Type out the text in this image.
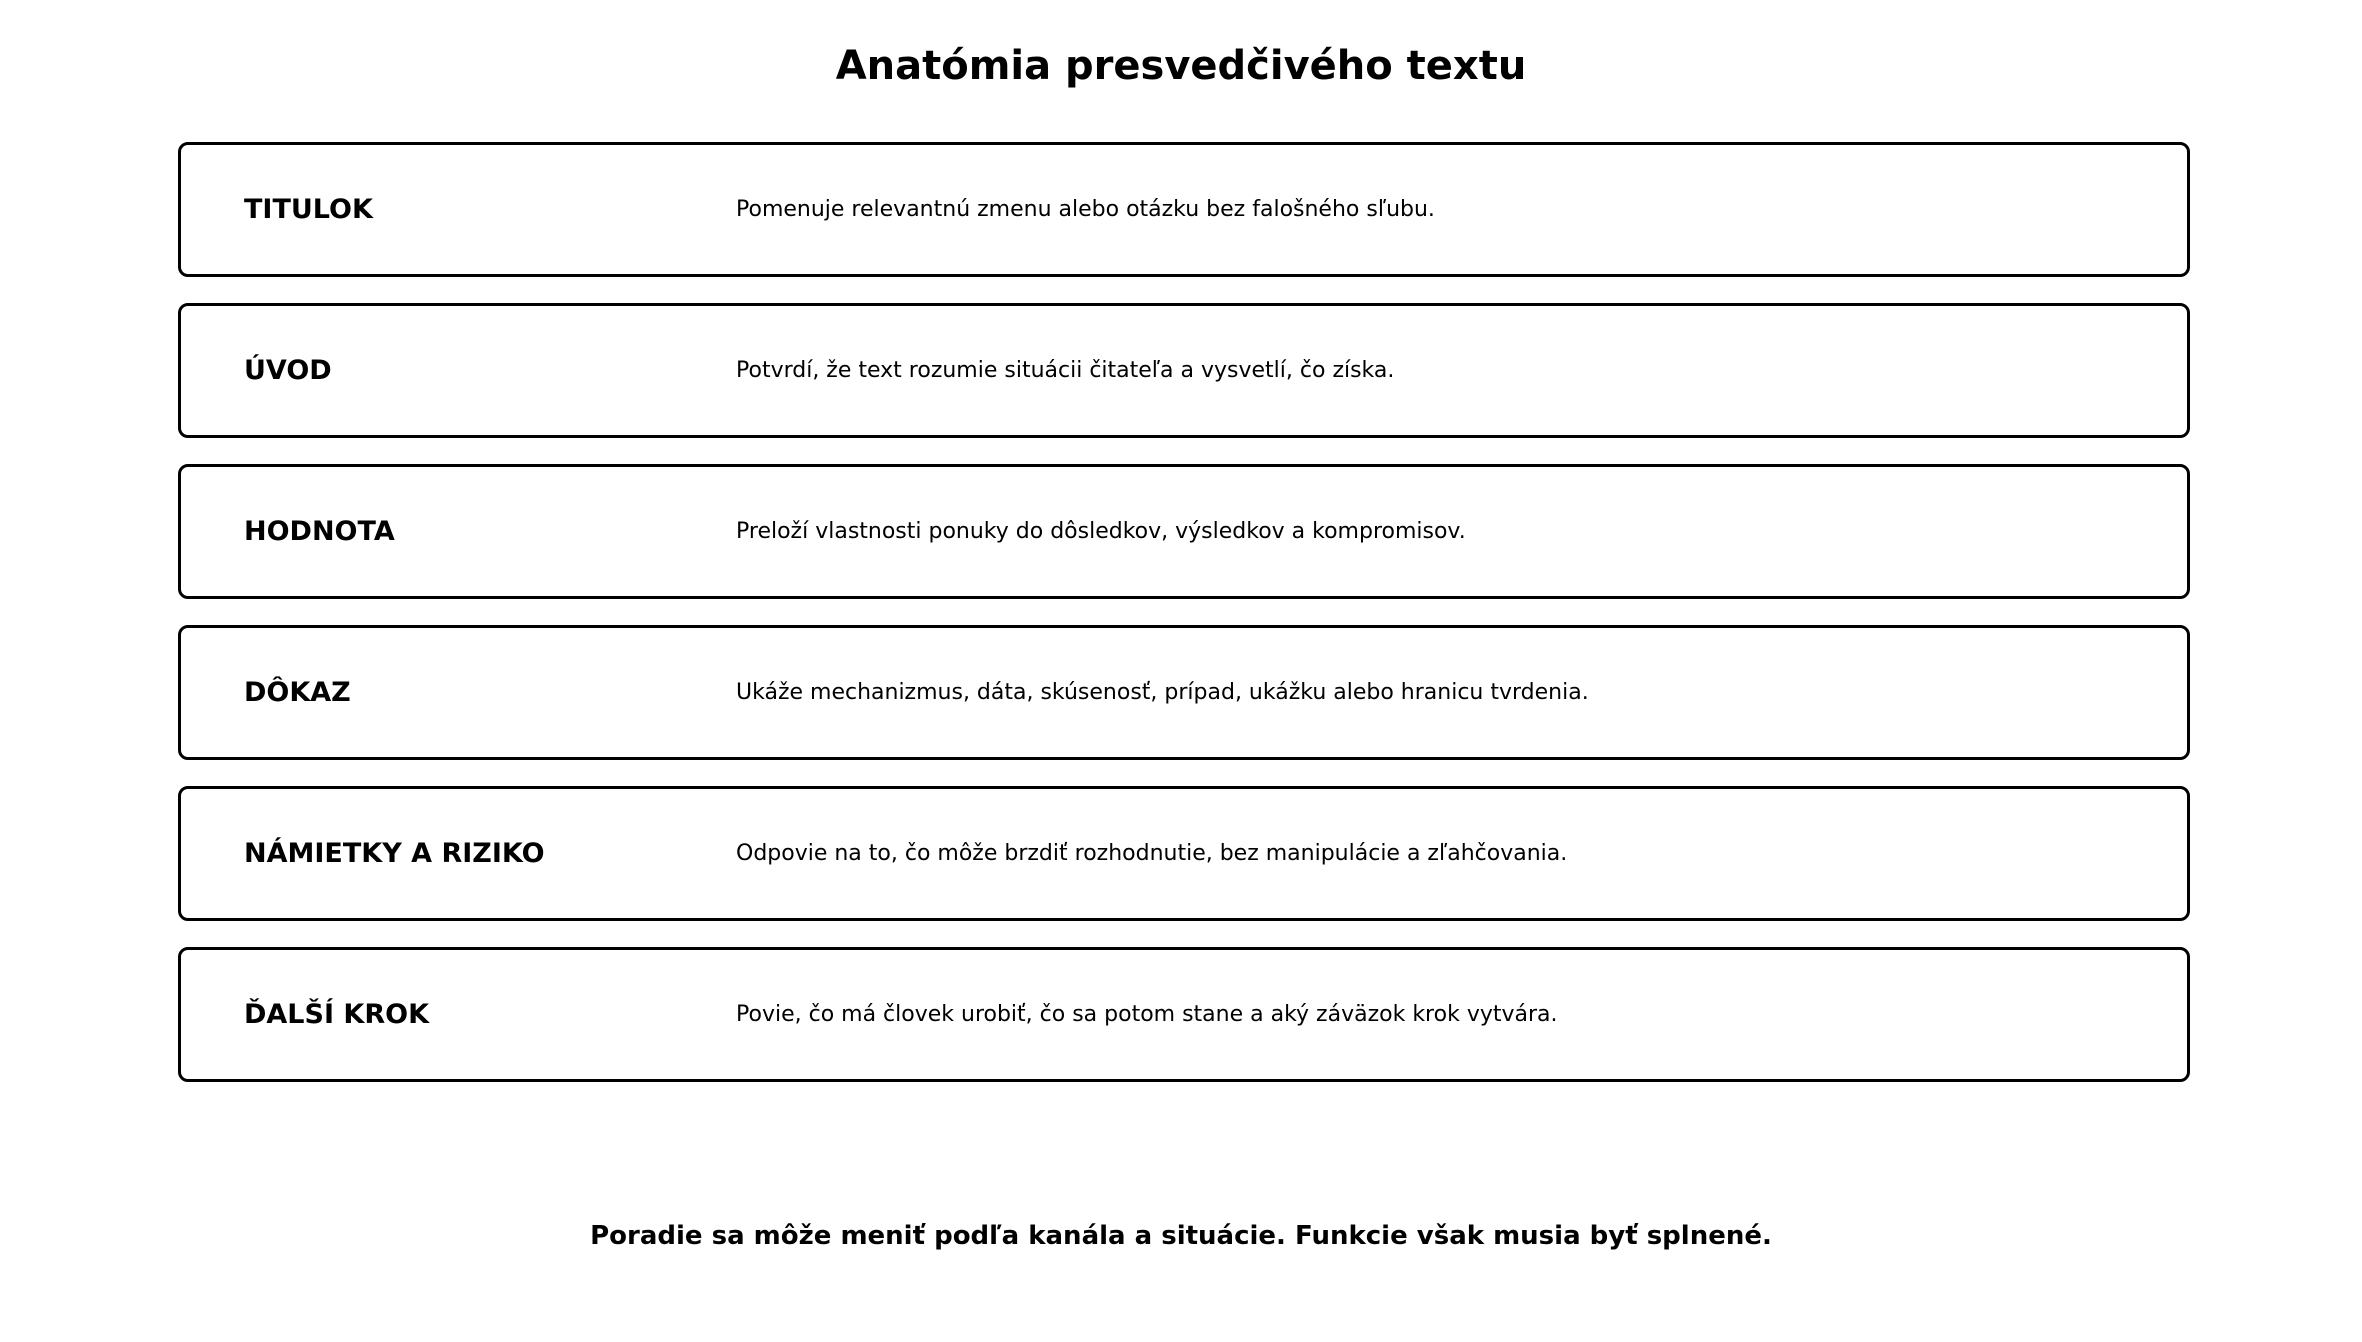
Anatómia presvedčivého textu
TITULOK	Pomenuje relevantnú zmenu alebo otázku bez falošného sľubu.
ÚVOD	Potvrdí, že text rozumie situácii čitateľa a vysvetlí, čo získa.
HODNOTA	Preloží vlastnosti ponuky do dôsledkov, výsledkov a kompromisov.
DÔKAZ	Ukáže mechanizmus, dáta, skúsenosť, prípad, ukážku alebo hranicu tvrdenia.
NÁMIETKY A RIZIKO	Odpovie na to, čo môže brzdiť rozhodnutie, bez manipulácie a zľahčovania.
ĎALŠÍ KROK	Povie, čo má človek urobiť, čo sa potom stane a aký záväzok krok vytvára.

Poradie sa môže meniť podľa kanála a situácie. Funkcie však musia byť splnené.
